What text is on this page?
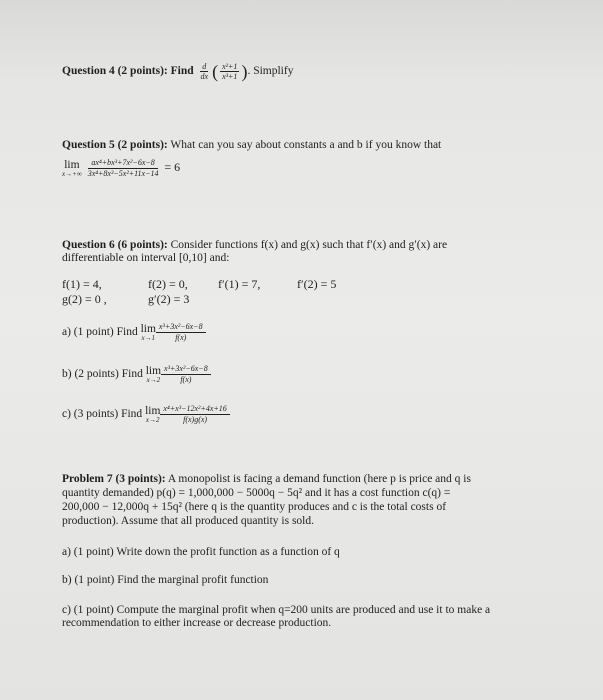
Question 4 (2 points): Find $\frac{d}{dx}$ ( $\frac{\text{x²+1}}{\text{x³+1}}$ ). Simplify
Question 5 (2 points): What can you say about constants a and b if you know that
lim
x→+∞
$\frac{\text{ax⁴+bx³+7x²−6x−8}}{\text{3x⁴+8x³−5x²+11x−14}} = 6$
Question 6 (6 points): Consider functions f(x) and g(x) such that f′(x) and g′(x) are
differentiable on interval [0,10] and:
f(1) = 4,	f(2) = 0,	f′(1) = 7,	f′(2) = 5
g(2) = 0 ,	g′(2) = 3
a) (1 point) Find lim
$x\to 1 \frac{\text{x³+3x²−6x−8}}{f(x)}$
b) (2 points) Find lim
$x\to 2 \frac{\text{x³+3x²−6x−8}}{f(x)}$
c) (3 points) Find lim
$x\to 2 \frac{\text{x⁴+x³−12x²+4x+16}}{f(x)g(x)}$
Problem 7 (3 points): A monopolist is facing a demand function (here p is price and q is
quantity demanded) p(q) = 1,000,000 − 5000q − 5q² and it has a cost function c(q) =
200,000 − 12,000q + 15q² (here q is the quantity produces and c is the total costs of
production). Assume that all produced quantity is sold.
a) (1 point) Write down the profit function as a function of q
b) (1 point) Find the marginal profit function
c) (1 point) Compute the marginal profit when q=200 units are produced and use it to make a
recommendation to either increase or decrease production.
